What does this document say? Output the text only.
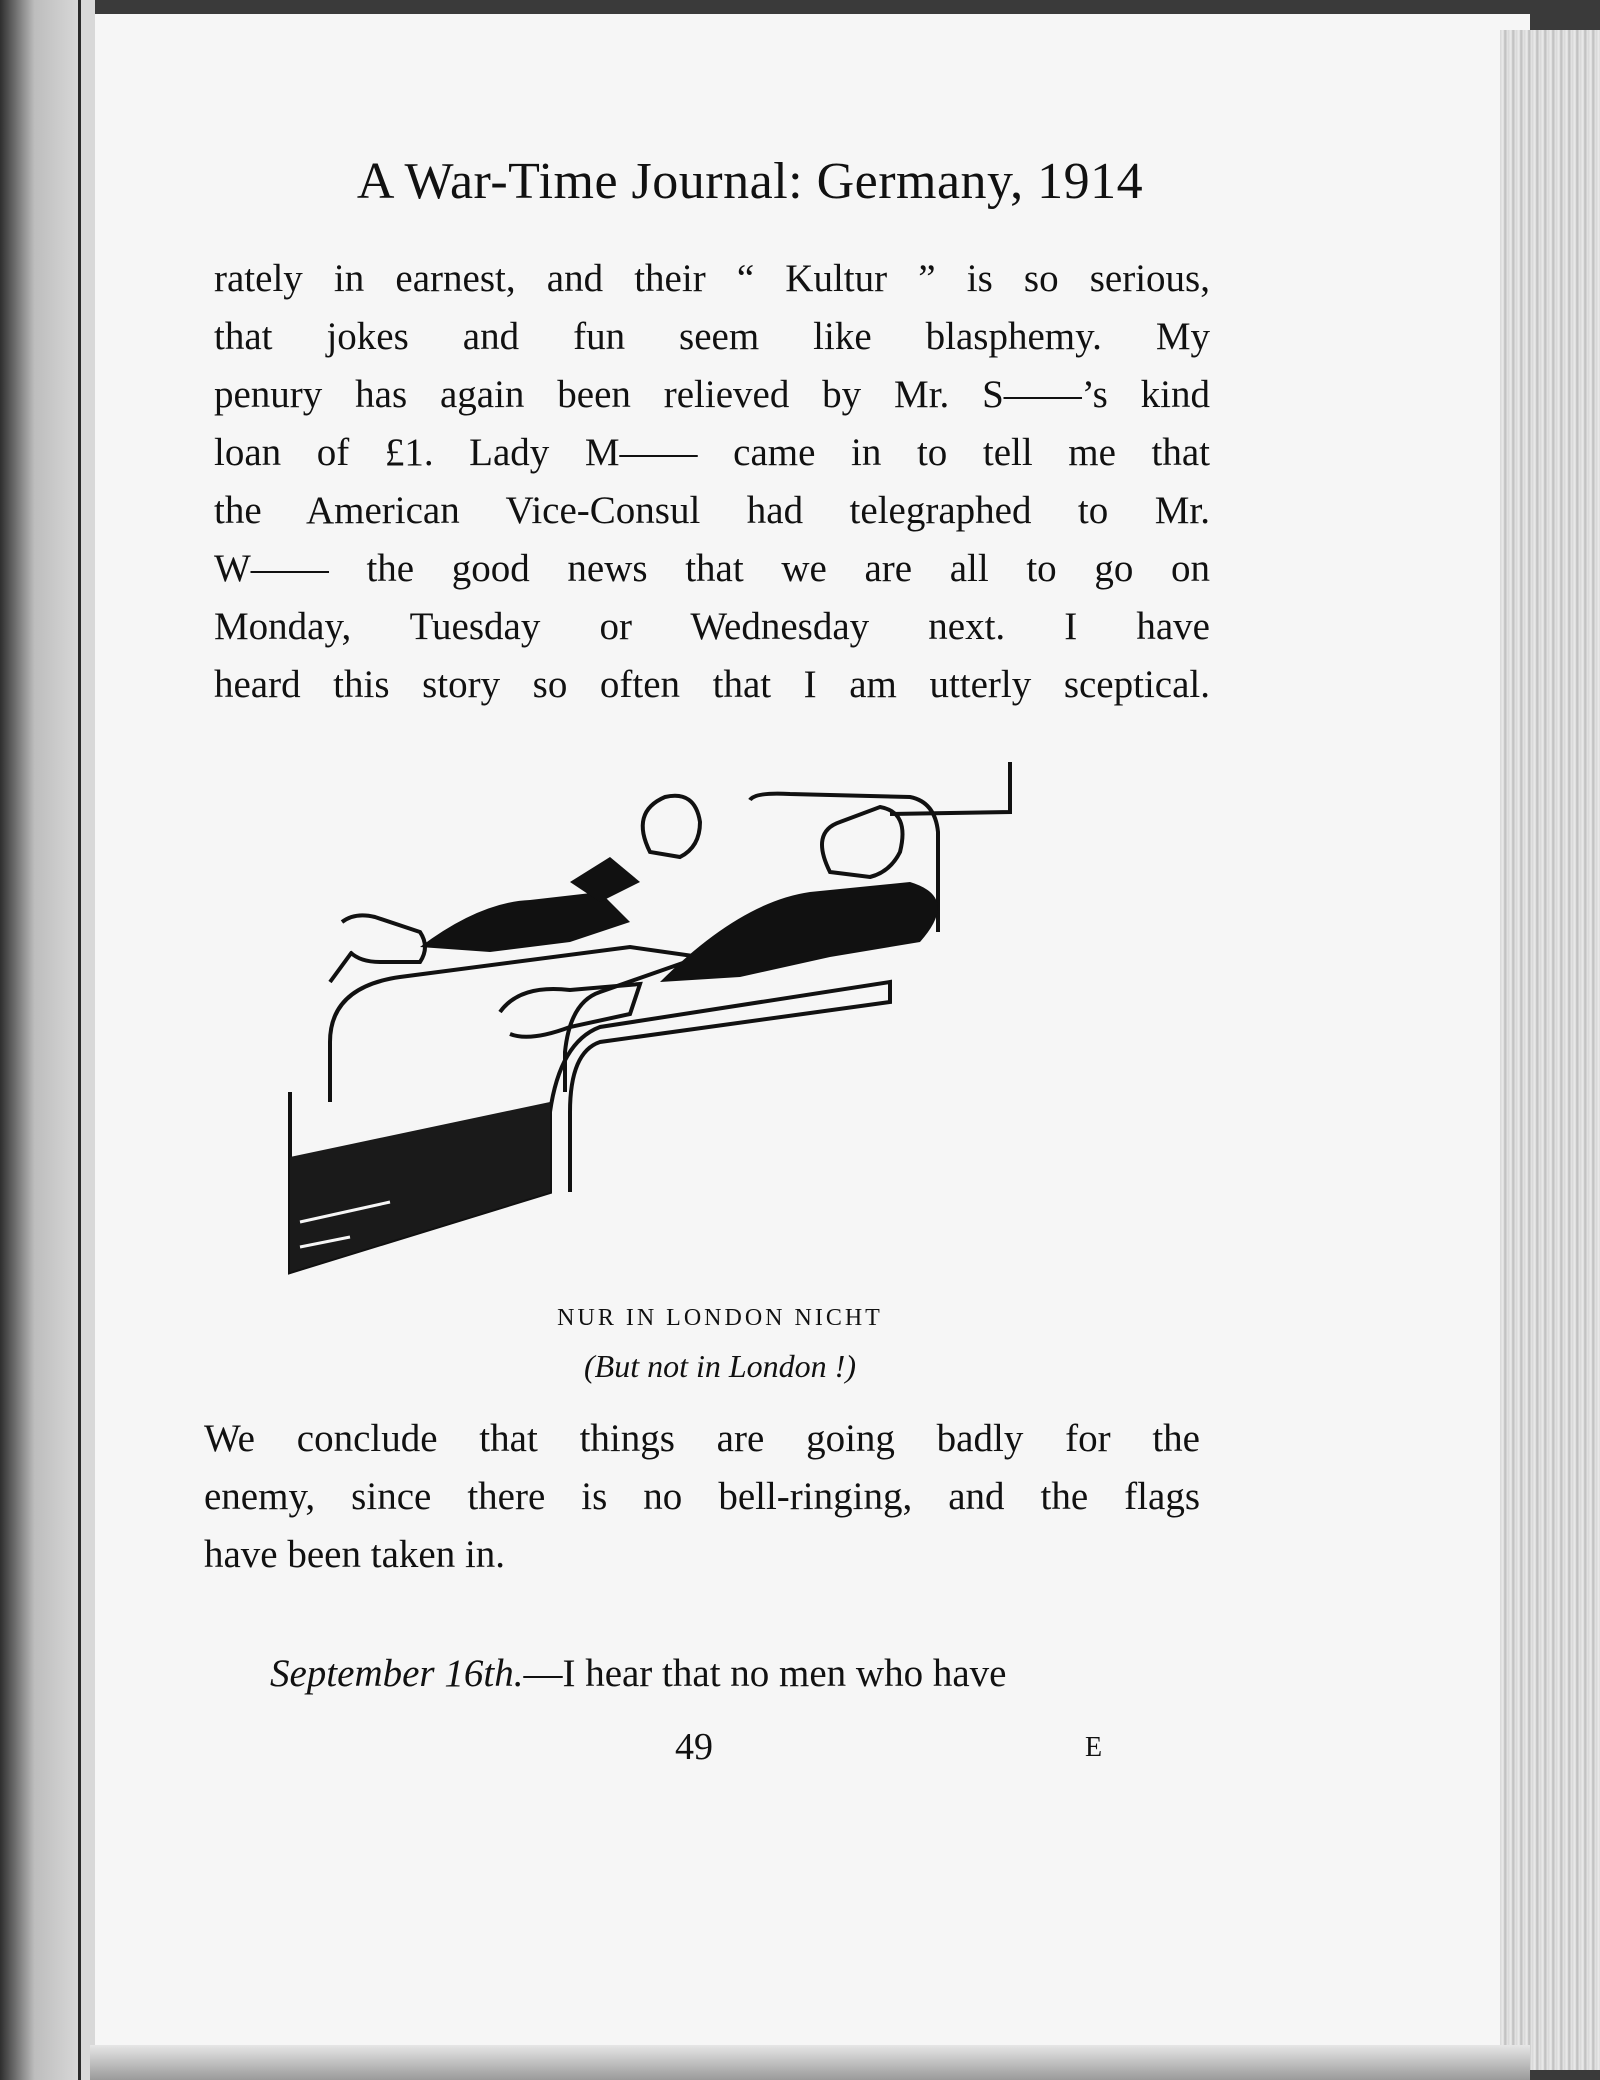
A War-Time Journal: Germany, 1914
rately in earnest, and their “ Kultur ” is so serious,
that jokes and fun seem like blasphemy. My
penury has again been relieved by Mr. S——’s kind
loan of £1. Lady M—— came in to tell me that
the American Vice-Consul had telegraphed to Mr.
W—— the good news that we are all to go on
Monday, Tuesday or Wednesday next. I have
heard this story so often that I am utterly sceptical.
NUR IN LONDON NICHT
(But not in London !)
We conclude that things are going badly for the
enemy, since there is no bell-ringing, and the flags
have been taken in.
September 16th.—I hear that no men who have
49	E
